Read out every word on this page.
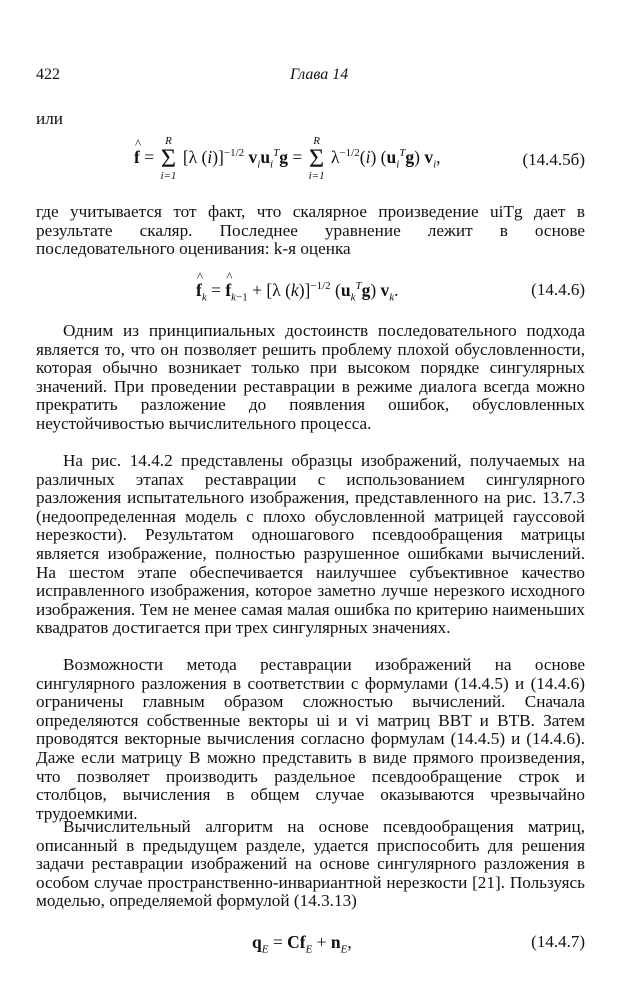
422	Глава 14
или
^ f =
R
Σ
i=1
[λ (i)]$^{-1/2}$ $v_iu_i^Tg$ =
R
Σ
i=1
$\lambda^{-1/2}(i)$ $(u_i^Tg)$ $v_i$,	(14.4.5б)
где учитывается тот факт, что скалярное произведение uiTg дает в результате скаляр. Последнее уравнение лежит в основе последовательного оценивания: k-я оценка
^ $f_k$ = ^ $f_{k-1} + [\lambda$ (k)]$^{-1/2}$ $(u_k^Tg)$ $v_k$.	(14.4.6)
Одним из принципиальных достоинств последовательного подхода является то, что он позволяет решить проблему плохой обусловленности, которая обычно возникает только при высоком порядке сингулярных значений. При проведении реставрации в режиме диалога всегда можно прекратить разложение до появления ошибок, обусловленных неустойчивостью вычислительного процесса.
На рис. 14.4.2 представлены образцы изображений, получаемых на различных этапах реставрации с использованием сингулярного разложения испытательного изображения, представленного на рис. 13.7.3 (недоопределенная модель с плохо обусловленной матрицей гауссовой нерезкости). Результатом одношагового псевдообращения матрицы является изображение, полностью разрушенное ошибками вычислений. На шестом этапе обеспечивается наилучшее субъективное качество исправленного изображения, которое заметно лучше нерезкого исходного изображения. Тем не менее самая малая ошибка по критерию наименьших квадратов достигается при трех сингулярных значениях.
Возможности метода реставрации изображений на основе сингулярного разложения в соответствии с формулами (14.4.5) и (14.4.6) ограничены главным образом сложностью вычислений. Сначала определяются собственные векторы ui и vi матриц BBT и BTB. Затем проводятся векторные вычисления согласно формулам (14.4.5) и (14.4.6). Даже если матрицу B можно представить в виде прямого произведения, что позволяет производить раздельное псевдообращение строк и столбцов, вычисления в общем случае оказываются чрезвычайно трудоемкими.
Вычислительный алгоритм на основе псевдообращения матриц, описанный в предыдущем разделе, удается приспособить для решения задачи реставрации изображений на основе сингулярного разложения в особом случае пространственно-инвариантной нерезкости [21]. Пользуясь моделью, определяемой формулой (14.3.13)
$q_E = Cf_E + n_E$,	(14.4.7)
